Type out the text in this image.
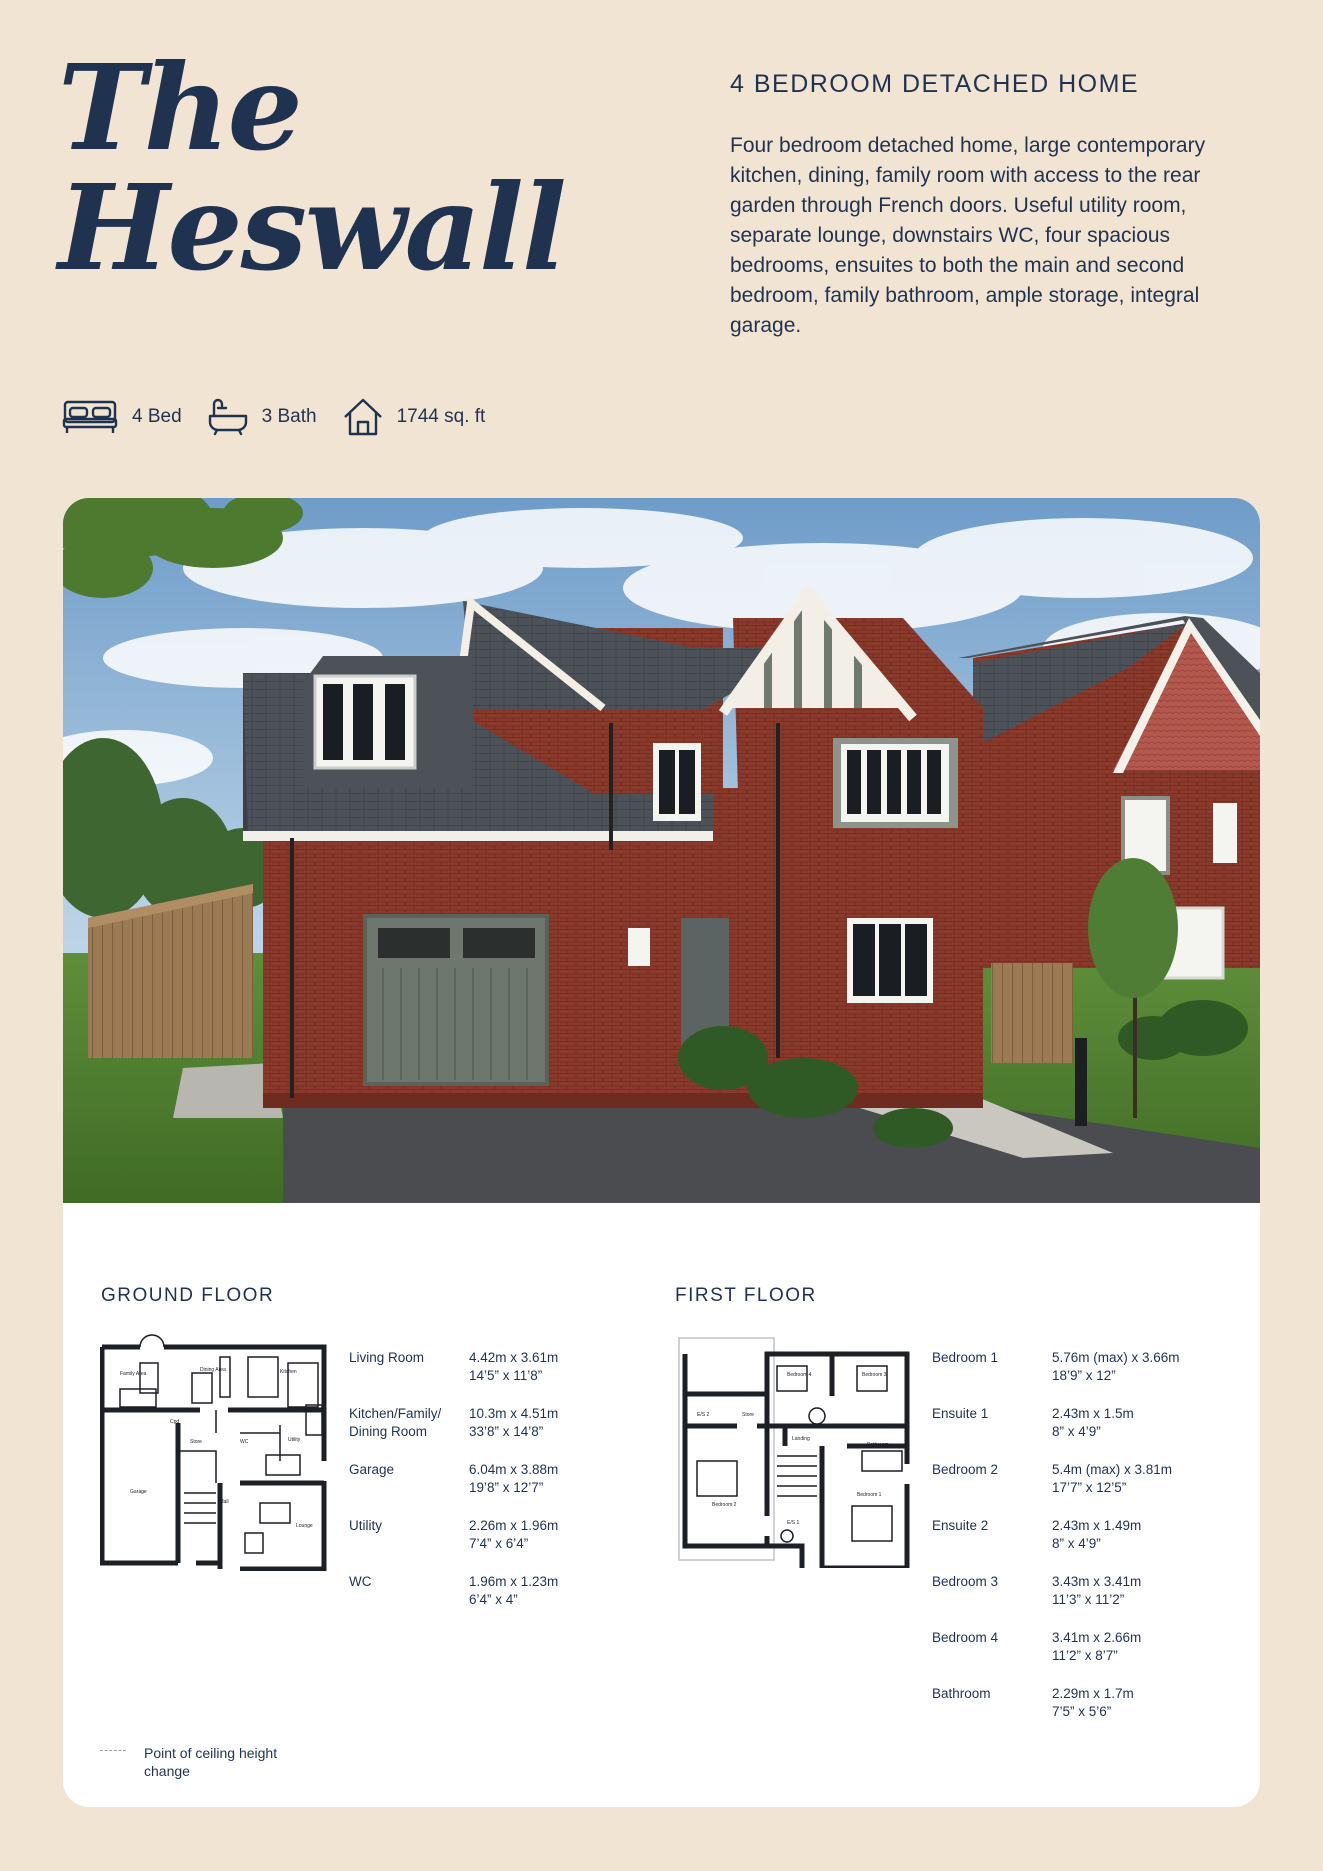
The
Heswall
4 BEDROOM DETACHED HOME
Four bedroom detached home, large contemporary kitchen, dining, family room with access to the rear garden through French doors. Useful utility room, separate lounge, downstairs WC, four spacious bedrooms, ensuites to both the main and second bedroom, family bathroom, ample storage, integral garage.
4 Bed	3 Bath	1744 sq. ft
GROUND FLOOR
Family Area
Dining Area	Kitchen
Garage
Cpd
Store	WC	Utility
Hall
Lounge
Living Room	4.42m x 3.61m
14’5” x 11’8”
Kitchen/Family/ Dining Room
10.3m x 4.51m
33’8” x 14’8”
Garage	6.04m x 3.88m
19’8” x 12’7”
Utility	2.26m x 1.96m
7’4” x 6’4”
WC	1.96m x 1.23m
6’4” x 4”
FIRST FLOOR
Bedroom 4	Bedroom 3
E/S 2	Store
Landing
Bathroom
Bedroom 2
E/S 1
Bedroom 1
Bedroom 1	5.76m (max) x 3.66m
18’9” x 12”
Ensuite 1	2.43m x 1.5m
8” x 4’9”
Bedroom 2	5.4m (max) x 3.81m
17’7” x 12’5”
Ensuite 2	2.43m x 1.49m
8” x 4’9”
Bedroom 3	3.43m x 3.41m
11’3” x 11’2”
Bedroom 4	3.41m x 2.66m
11’2” x 8’7”
Bathroom	2.29m x 1.7m
7’5” x 5’6”
Point of ceiling height change
